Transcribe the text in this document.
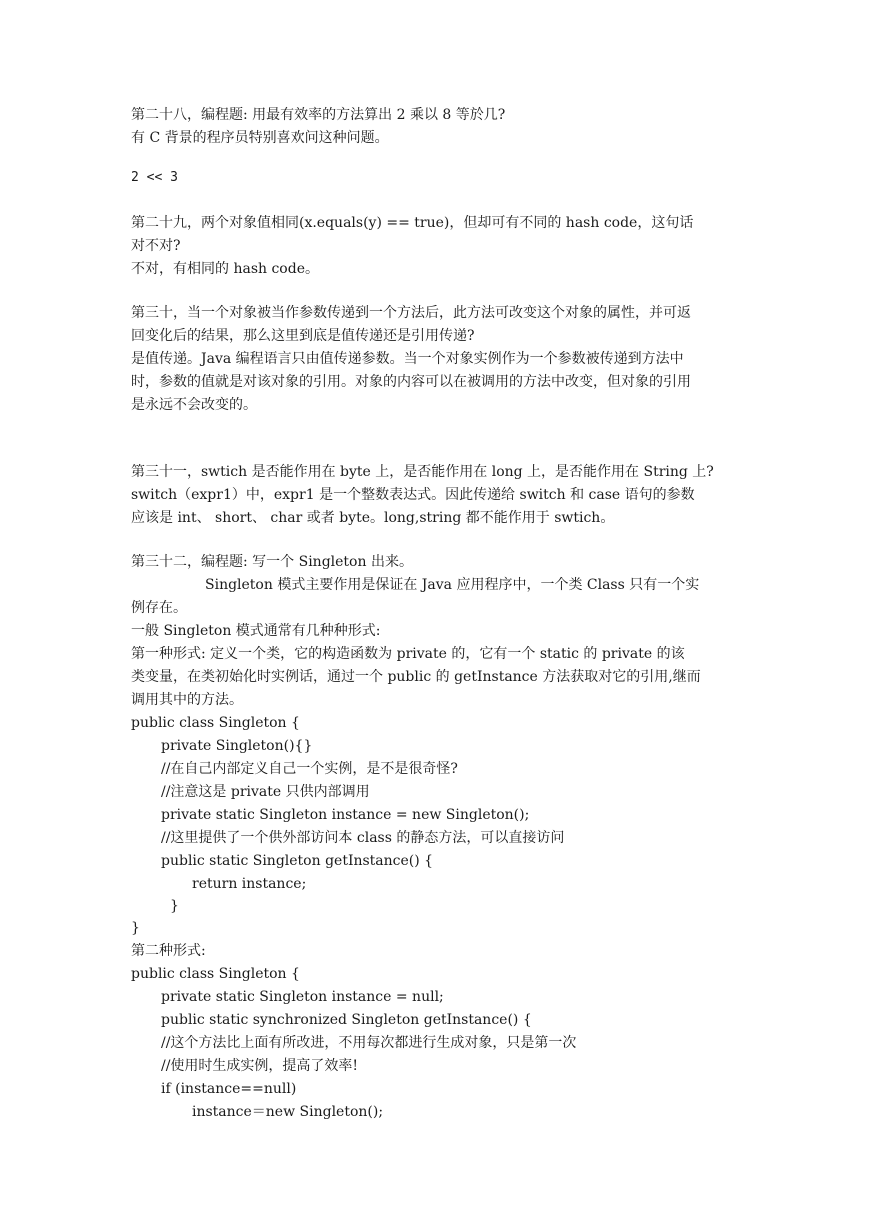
第二十八，编程题: 用最有效率的方法算出 2 乘以 8 等於几?
有 C 背景的程序员特别喜欢问这种问题。
2 << 3
第二十九，两个对象值相同(x.equals(y) == true)，但却可有不同的 hash code，这句话
对不对?
不对，有相同的 hash code。
第三十，当一个对象被当作参数传递到一个方法后，此方法可改变这个对象的属性，并可返
回变化后的结果，那么这里到底是值传递还是引用传递?
是值传递。Java 编程语言只由值传递参数。当一个对象实例作为一个参数被传递到方法中
时，参数的值就是对该对象的引用。对象的内容可以在被调用的方法中改变，但对象的引用
是永远不会改变的。
第三十一，swtich 是否能作用在 byte 上，是否能作用在 long 上，是否能作用在 String 上?
switch（expr1）中，expr1 是一个整数表达式。因此传递给 switch 和 case 语句的参数
应该是 int、 short、 char 或者 byte。long,string 都不能作用于 swtich。
第三十二，编程题: 写一个 Singleton 出来。
Singleton 模式主要作用是保证在 Java 应用程序中，一个类 Class 只有一个实
例存在。
一般 Singleton 模式通常有几种种形式:
第一种形式: 定义一个类，它的构造函数为 private 的，它有一个 static 的 private 的该
类变量，在类初始化时实例话，通过一个 public 的 getInstance 方法获取对它的引用,继而
调用其中的方法。
public class Singleton {
private Singleton(){}
//在自己内部定义自己一个实例，是不是很奇怪?
//注意这是 private 只供内部调用
private static Singleton instance = new Singleton();
//这里提供了一个供外部访问本 class 的静态方法，可以直接访问
public static Singleton getInstance() {
return instance;
}
}
第二种形式:
public class Singleton {
private static Singleton instance = null;
public static synchronized Singleton getInstance() {
//这个方法比上面有所改进，不用每次都进行生成对象，只是第一次
//使用时生成实例，提高了效率!
if (instance==null)
instance＝new Singleton();
